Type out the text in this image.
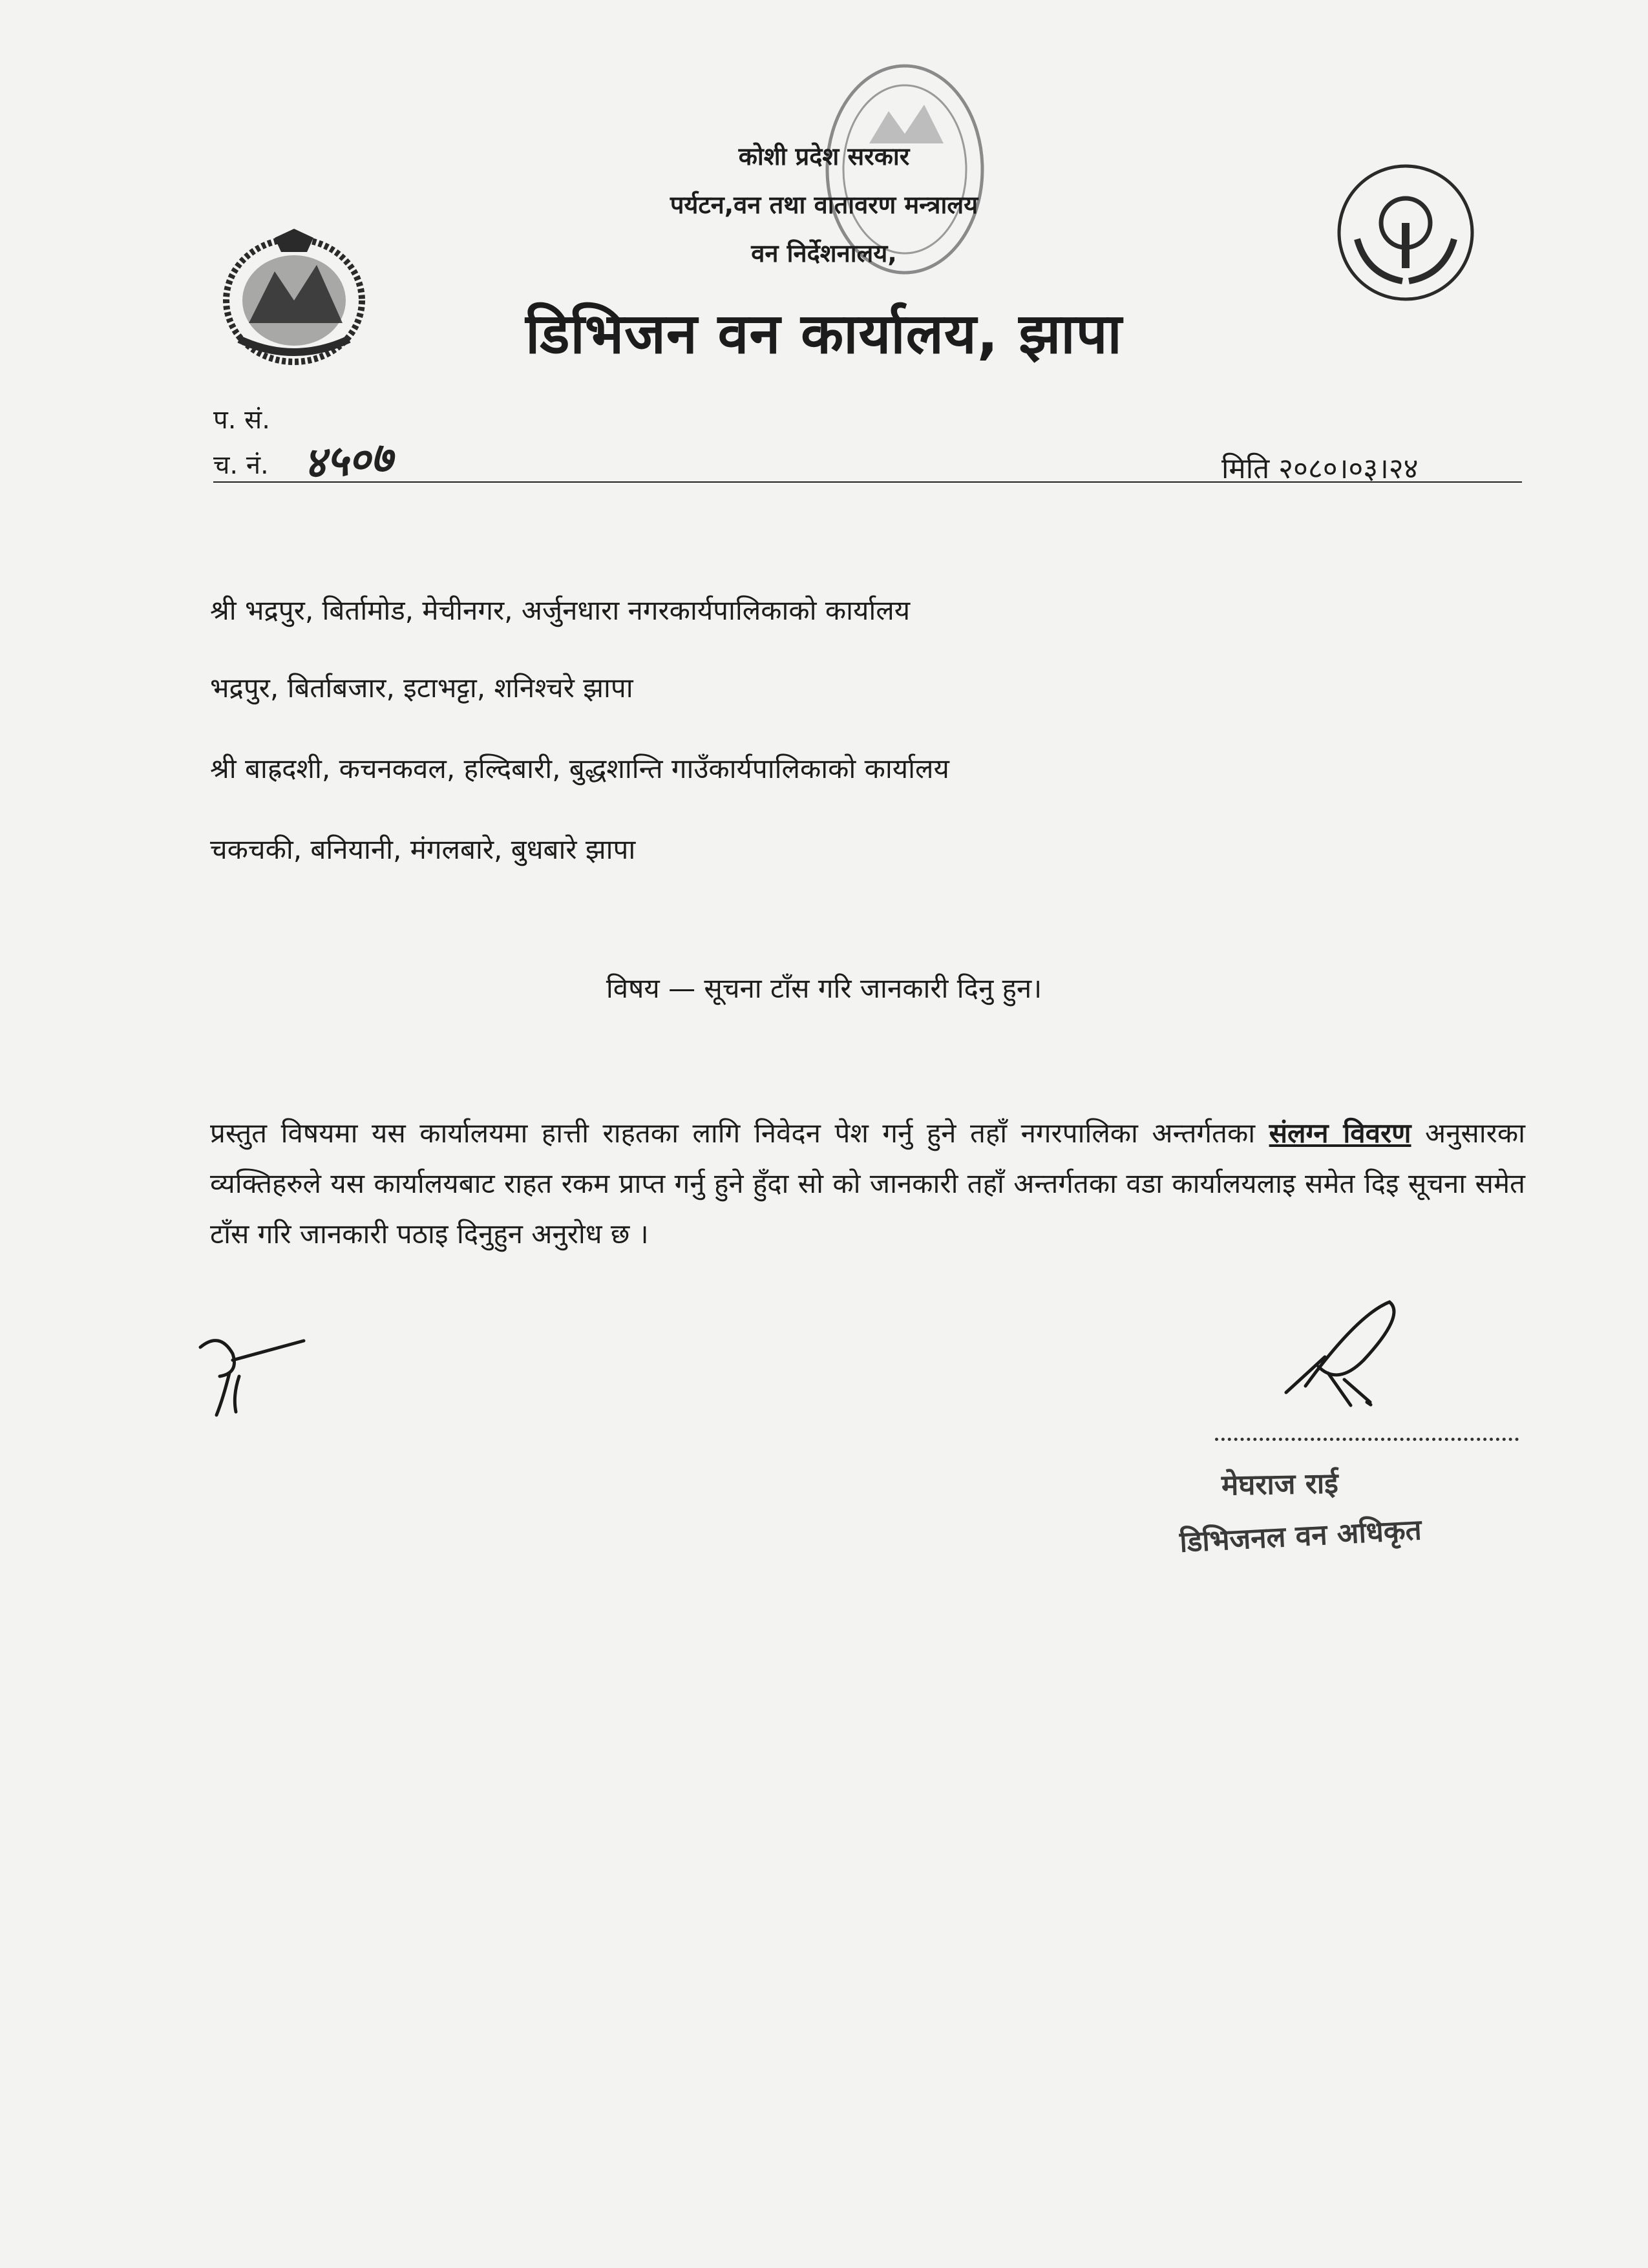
कोशी प्रदेश सरकार
पर्यटन,वन तथा वातावरण मन्त्रालय
वन निर्देशनालय,
डिभिजन वन कार्यालय, झापा
प. सं.
च. नं. ४५०७	मिति २०८०।०३।२४
श्री भद्रपुर, बिर्तामोड, मेचीनगर, अर्जुनधारा नगरकार्यपालिकाको कार्यालय
भद्रपुर, बिर्ताबजार, इटाभट्टा, शनिश्चरे झापा
श्री बाह्रदशी, कचनकवल, हल्दिबारी, बुद्धशान्ति गाउँकार्यपालिकाको कार्यालय
चकचकी, बनियानी, मंगलबारे, बुधबारे झापा
विषय — सूचना टाँस गरि जानकारी दिनु हुन।
प्रस्तुत विषयमा यस कार्यालयमा हात्ती राहतका लागि निवेदन पेश गर्नु हुने तहाँ नगरपालिका अन्तर्गतका संलग्न विवरण अनुसारका व्यक्तिहरुले यस कार्यालयबाट राहत रकम प्राप्त गर्नु हुने हुँदा सो को जानकारी तहाँ अन्तर्गतका वडा कार्यालयलाइ समेत दिइ सूचना समेत टाँस गरि जानकारी पठाइ दिनुहुन अनुरोध छ ।
मेघराज राई
डिभिजनल वन अधिकृत
